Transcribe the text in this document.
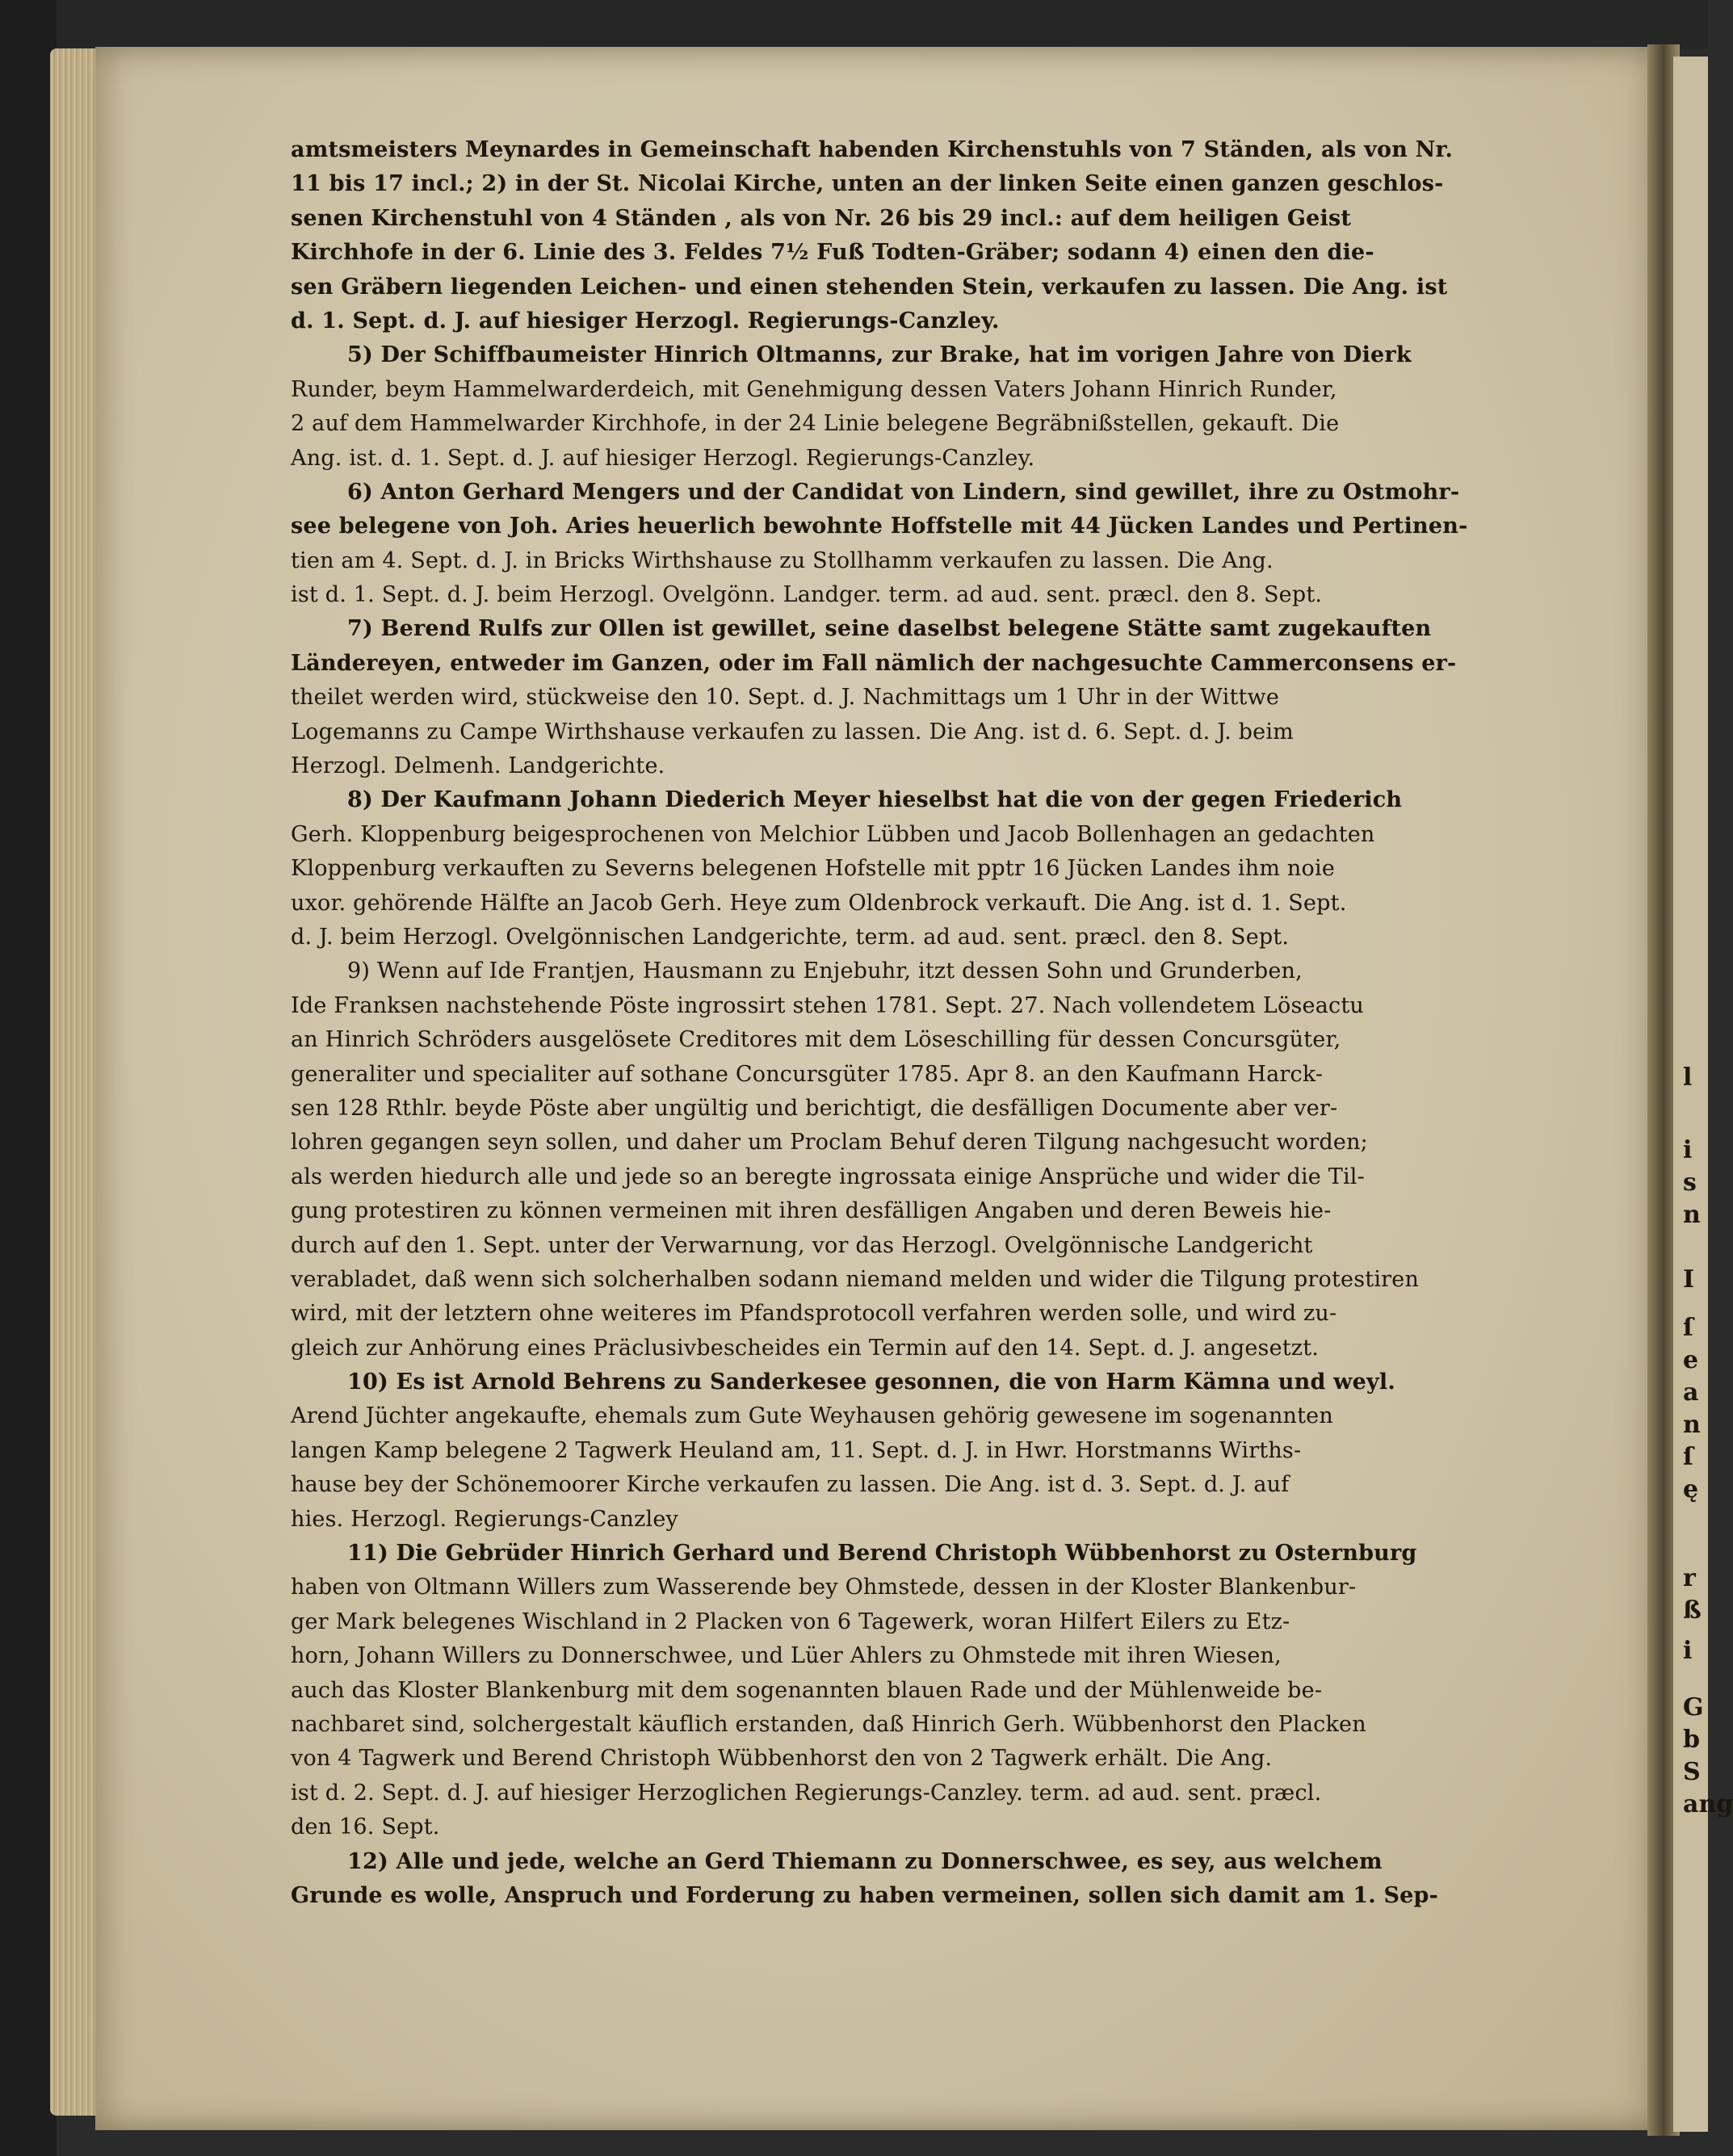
l
i
s
n
I
ſ
e
a
n
ſ
ę
r
ß
i
G
b
S
ang
amtsmeisters Meynardes in Gemeinschaft habenden Kirchenstuhls von 7 Ständen, als von Nr.
11 bis 17 incl.; 2) in der St. Nicolai Kirche, unten an der linken Seite einen ganzen geschlos-
senen Kirchenstuhl von 4 Ständen , als von Nr. 26 bis 29 incl.: auf dem heiligen Geist
Kirchhofe in der 6. Linie des 3. Feldes 7½ Fuß Todten-Gräber; sodann 4) einen den die-
sen Gräbern liegenden Leichen- und einen stehenden Stein, verkaufen zu lassen. Die Ang. ist
d. 1. Sept. d. J. auf hiesiger Herzogl. Regierungs-Canzley.
5) Der Schiffbaumeister Hinrich Oltmanns, zur Brake, hat im vorigen Jahre von Dierk
Runder, beym Hammelwarderdeich, mit Genehmigung dessen Vaters Johann Hinrich Runder,
2 auf dem Hammelwarder Kirchhofe, in der 24 Linie belegene Begräbnißstellen, gekauft. Die
Ang. ist. d. 1. Sept. d. J. auf hiesiger Herzogl. Regierungs-Canzley.
6) Anton Gerhard Mengers und der Candidat von Lindern, sind gewillet, ihre zu Ostmohr-
see belegene von Joh. Aries heuerlich bewohnte Hoffstelle mit 44 Jücken Landes und Pertinen-
tien am 4. Sept. d. J. in Bricks Wirthshause zu Stollhamm verkaufen zu lassen. Die Ang.
ist d. 1. Sept. d. J. beim Herzogl. Ovelgönn. Landger. term. ad aud. sent. præcl. den 8. Sept.
7) Berend Rulfs zur Ollen ist gewillet, seine daselbst belegene Stätte samt zugekauften
Ländereyen, entweder im Ganzen, oder im Fall nämlich der nachgesuchte Cammerconsens er-
theilet werden wird, stückweise den 10. Sept. d. J. Nachmittags um 1 Uhr in der Wittwe
Logemanns zu Campe Wirthshause verkaufen zu lassen. Die Ang. ist d. 6. Sept. d. J. beim
Herzogl. Delmenh. Landgerichte.
8) Der Kaufmann Johann Diederich Meyer hieselbst hat die von der gegen Friederich
Gerh. Kloppenburg beigesprochenen von Melchior Lübben und Jacob Bollenhagen an gedachten
Kloppenburg verkauften zu Severns belegenen Hofstelle mit pptr 16 Jücken Landes ihm noie
uxor. gehörende Hälfte an Jacob Gerh. Heye zum Oldenbrock verkauft. Die Ang. ist d. 1. Sept.
d. J. beim Herzogl. Ovelgönnischen Landgerichte, term. ad aud. sent. præcl. den 8. Sept.
9) Wenn auf Ide Frantjen, Hausmann zu Enjebuhr, itzt dessen Sohn und Grunderben,
Ide Franksen nachstehende Pöste ingrossirt stehen 1781. Sept. 27. Nach vollendetem Löseactu
an Hinrich Schröders ausgelösete Creditores mit dem Löseschilling für dessen Concursgüter,
generaliter und specialiter auf sothane Concursgüter 1785. Apr 8. an den Kaufmann Harck-
sen 128 Rthlr. beyde Pöste aber ungültig und berichtigt, die desfälligen Documente aber ver-
lohren gegangen seyn sollen, und daher um Proclam Behuf deren Tilgung nachgesucht worden;
als werden hiedurch alle und jede so an beregte ingrossata einige Ansprüche und wider die Til-
gung protestiren zu können vermeinen mit ihren desfälligen Angaben und deren Beweis hie-
durch auf den 1. Sept. unter der Verwarnung, vor das Herzogl. Ovelgönnische Landgericht
verabladet, daß wenn sich solcherhalben sodann niemand melden und wider die Tilgung protestiren
wird, mit der letztern ohne weiteres im Pfandsprotocoll verfahren werden solle, und wird zu-
gleich zur Anhörung eines Präclusivbescheides ein Termin auf den 14. Sept. d. J. angesetzt.
10) Es ist Arnold Behrens zu Sanderkesee gesonnen, die von Harm Kämna und weyl.
Arend Jüchter angekaufte, ehemals zum Gute Weyhausen gehörig gewesene im sogenannten
langen Kamp belegene 2 Tagwerk Heuland am, 11. Sept. d. J. in Hwr. Horstmanns Wirths-
hause bey der Schönemoorer Kirche verkaufen zu lassen. Die Ang. ist d. 3. Sept. d. J. auf
hies. Herzogl. Regierungs-Canzley
11) Die Gebrüder Hinrich Gerhard und Berend Christoph Wübbenhorst zu Osternburg
haben von Oltmann Willers zum Wasserende bey Ohmstede, dessen in der Kloster Blankenbur-
ger Mark belegenes Wischland in 2 Placken von 6 Tagewerk, woran Hilfert Eilers zu Etz-
horn, Johann Willers zu Donnerschwee, und Lüer Ahlers zu Ohmstede mit ihren Wiesen,
auch das Kloster Blankenburg mit dem sogenannten blauen Rade und der Mühlenweide be-
nachbaret sind, solchergestalt käuflich erstanden, daß Hinrich Gerh. Wübbenhorst den Placken
von 4 Tagwerk und Berend Christoph Wübbenhorst den von 2 Tagwerk erhält. Die Ang.
ist d. 2. Sept. d. J. auf hiesiger Herzoglichen Regierungs-Canzley. term. ad aud. sent. præcl.
den 16. Sept.
12) Alle und jede, welche an Gerd Thiemann zu Donnerschwee, es sey, aus welchem
Grunde es wolle, Anspruch und Forderung zu haben vermeinen, sollen sich damit am 1. Sep-
